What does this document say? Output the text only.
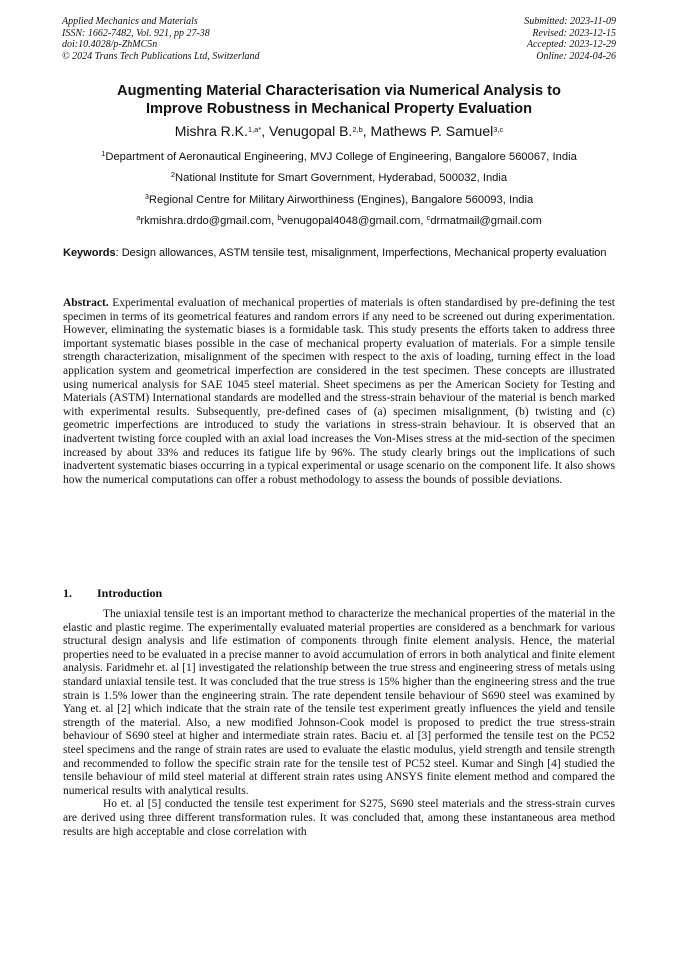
Applied Mechanics and Materials
ISSN: 1662-7482, Vol. 921, pp 27-38
doi:10.4028/p-ZhMC5n
© 2024 Trans Tech Publications Ltd, Switzerland
Submitted: 2023-11-09
Revised: 2023-12-15
Accepted: 2023-12-29
Online: 2024-04-26
Augmenting Material Characterisation via Numerical Analysis to
Improve Robustness in Mechanical Property Evaluation
Mishra R.K.$^{1,a*}$, Venugopal B.$^{2,b}$, Mathews P. Samuel$^{3,c}$
$^1$Department of Aeronautical Engineering, MVJ College of Engineering, Bangalore 560067, India
$^2$National Institute for Smart Government, Hyderabad, 500032, India
$^3$Regional Centre for Military Airworthiness (Engines), Bangalore 560093, India
$^a$rkmishra.drdo@gmail.com, $^b$venugopal4048@gmail.com, $^c$drmatmail@gmail.com
Keywords: Design allowances, ASTM tensile test, misalignment, Imperfections, Mechanical property evaluation
Abstract. Experimental evaluation of mechanical properties of materials is often standardised by pre-defining the test specimen in terms of its geometrical features and random errors if any need to be screened out during experimentation. However, eliminating the systematic biases is a formidable task. This study presents the efforts taken to address three important systematic biases possible in the case of mechanical property evaluation of materials. For a simple tensile strength characterization, misalignment of the specimen with respect to the axis of loading, turning effect in the load application system and geometrical imperfection are considered in the test specimen. These concepts are illustrated using numerical analysis for SAE 1045 steel material. Sheet specimens as per the American Society for Testing and Materials (ASTM) International standards are modelled and the stress-strain behaviour of the material is bench marked with experimental results. Subsequently, pre-defined cases of (a) specimen misalignment, (b) twisting and (c) geometric imperfections are introduced to study the variations in stress-strain behaviour. It is observed that an inadvertent twisting force coupled with an axial load increases the Von-Mises stress at the mid-section of the specimen increased by about 33% and reduces its fatigue life by 96%. The study clearly brings out the implications of such inadvertent systematic biases occurring in a typical experimental or usage scenario on the component life. It also shows how the numerical computations can offer a robust methodology to assess the bounds of possible deviations.
1. Introduction

The uniaxial tensile test is an important method to characterize the mechanical properties of the material in the elastic and plastic regime. The experimentally evaluated material properties are considered as a benchmark for various structural design analysis and life estimation of components through finite element analysis. Hence, the material properties need to be evaluated in a precise manner to avoid accumulation of errors in both analytical and finite element analysis. Faridmehr et. al [1] investigated the relationship between the true stress and engineering stress of metals using standard uniaxial tensile test. It was concluded that the true stress is 15% higher than the engineering stress and the true strain is 1.5% lower than the engineering strain. The rate dependent tensile behaviour of S690 steel was examined by Yang et. al [2] which indicate that the strain rate of the tensile test experiment greatly influences the yield and tensile strength of the material. Also, a new modified Johnson-Cook model is proposed to predict the true stress-strain behaviour of S690 steel at higher and intermediate strain rates. Baciu et. al [3] performed the tensile test on the PC52 steel specimens and the range of strain rates are used to evaluate the elastic modulus, yield strength and tensile strength and recommended to follow the specific strain rate for the tensile test of PC52 steel. Kumar and Singh [4] studied the tensile behaviour of mild steel material at different strain rates using ANSYS finite element method and compared the numerical results with analytical results.

Ho et. al [5] conducted the tensile test experiment for S275, S690 steel materials and the stress-strain curves are derived using three different transformation rules. It was concluded that, among these instantaneous area method results are high acceptable and close correlation with
